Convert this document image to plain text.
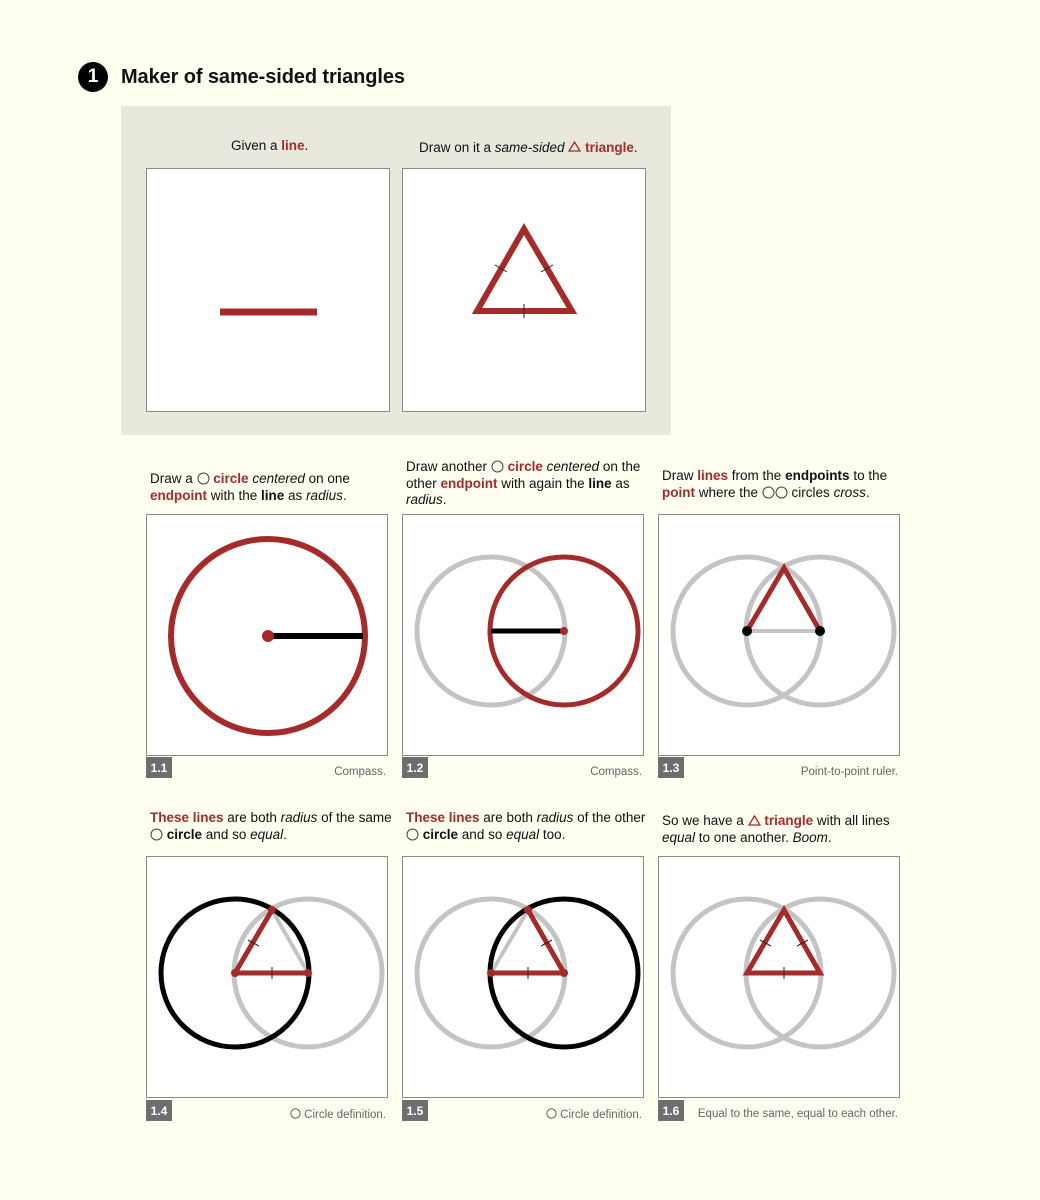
1	Maker of same-sided triangles
Given a line.	Draw on it a same-sided triangle.
Draw a  circle centered on one
endpoint with the line as radius.
1.1	Compass.
Draw another  circle centered on the
other endpoint with again the line as
radius.
1.2	Compass.
Draw lines from the endpoints to the
point where the  circles cross.
1.3	Point-to-point ruler.
These lines are both radius of the same
circle and so equal.
1.4	Circle definition.
These lines are both radius of the other
circle and so equal too.
1.5	Circle definition.
So we have a  triangle with all lines
equal to one another. Boom.
1.6	Equal to the same, equal to each other.
